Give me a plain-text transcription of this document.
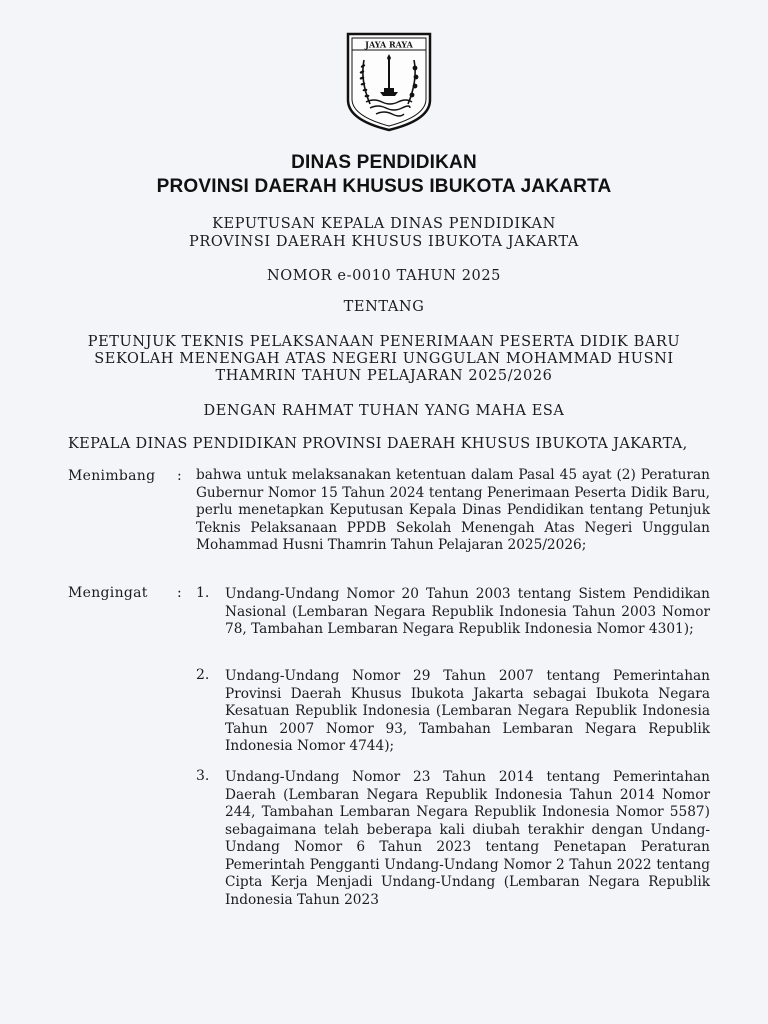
JAYA RAYA
DINAS PENDIDIKAN
PROVINSI DAERAH KHUSUS IBUKOTA JAKARTA
KEPUTUSAN KEPALA DINAS PENDIDIKAN
PROVINSI DAERAH KHUSUS IBUKOTA JAKARTA
NOMOR e-0010 TAHUN 2025
TENTANG
PETUNJUK TEKNIS PELAKSANAAN PENERIMAAN PESERTA DIDIK BARU
SEKOLAH MENENGAH ATAS NEGERI UNGGULAN MOHAMMAD HUSNI
THAMRIN TAHUN PELAJARAN 2025/2026
DENGAN RAHMAT TUHAN YANG MAHA ESA
KEPALA DINAS PENDIDIKAN PROVINSI DAERAH KHUSUS IBUKOTA JAKARTA,
Menimbang : bahwa untuk melaksanakan ketentuan dalam Pasal 45 ayat (2) Peraturan Gubernur Nomor 15 Tahun 2024 tentang Penerimaan Peserta Didik Baru, perlu menetapkan Keputusan Kepala Dinas Pendidikan tentang Petunjuk Teknis Pelaksanaan PPDB Sekolah Menengah Atas Negeri Unggulan Mohammad Husni Thamrin Tahun Pelajaran 2025/2026;
Mengingat : 1. Undang-Undang Nomor 20 Tahun 2003 tentang Sistem Pendidikan Nasional (Lembaran Negara Republik Indonesia Tahun 2003 Nomor 78, Tambahan Lembaran Negara Republik Indonesia Nomor 4301);
2. Undang-Undang Nomor 29 Tahun 2007 tentang Pemerintahan Provinsi Daerah Khusus Ibukota Jakarta sebagai Ibukota Negara Kesatuan Republik Indonesia (Lembaran Negara Republik Indonesia Tahun 2007 Nomor 93, Tambahan Lembaran Negara Republik Indonesia Nomor 4744);
3. Undang-Undang Nomor 23 Tahun 2014 tentang Pemerintahan Daerah (Lembaran Negara Republik Indonesia Tahun 2014 Nomor 244, Tambahan Lembaran Negara Republik Indonesia Nomor 5587) sebagaimana telah beberapa kali diubah terakhir dengan Undang-Undang Nomor 6 Tahun 2023 tentang Penetapan Peraturan Pemerintah Pengganti Undang-Undang Nomor 2 Tahun 2022 tentang Cipta Kerja Menjadi Undang-Undang (Lembaran Negara Republik Indonesia Tahun 2023
